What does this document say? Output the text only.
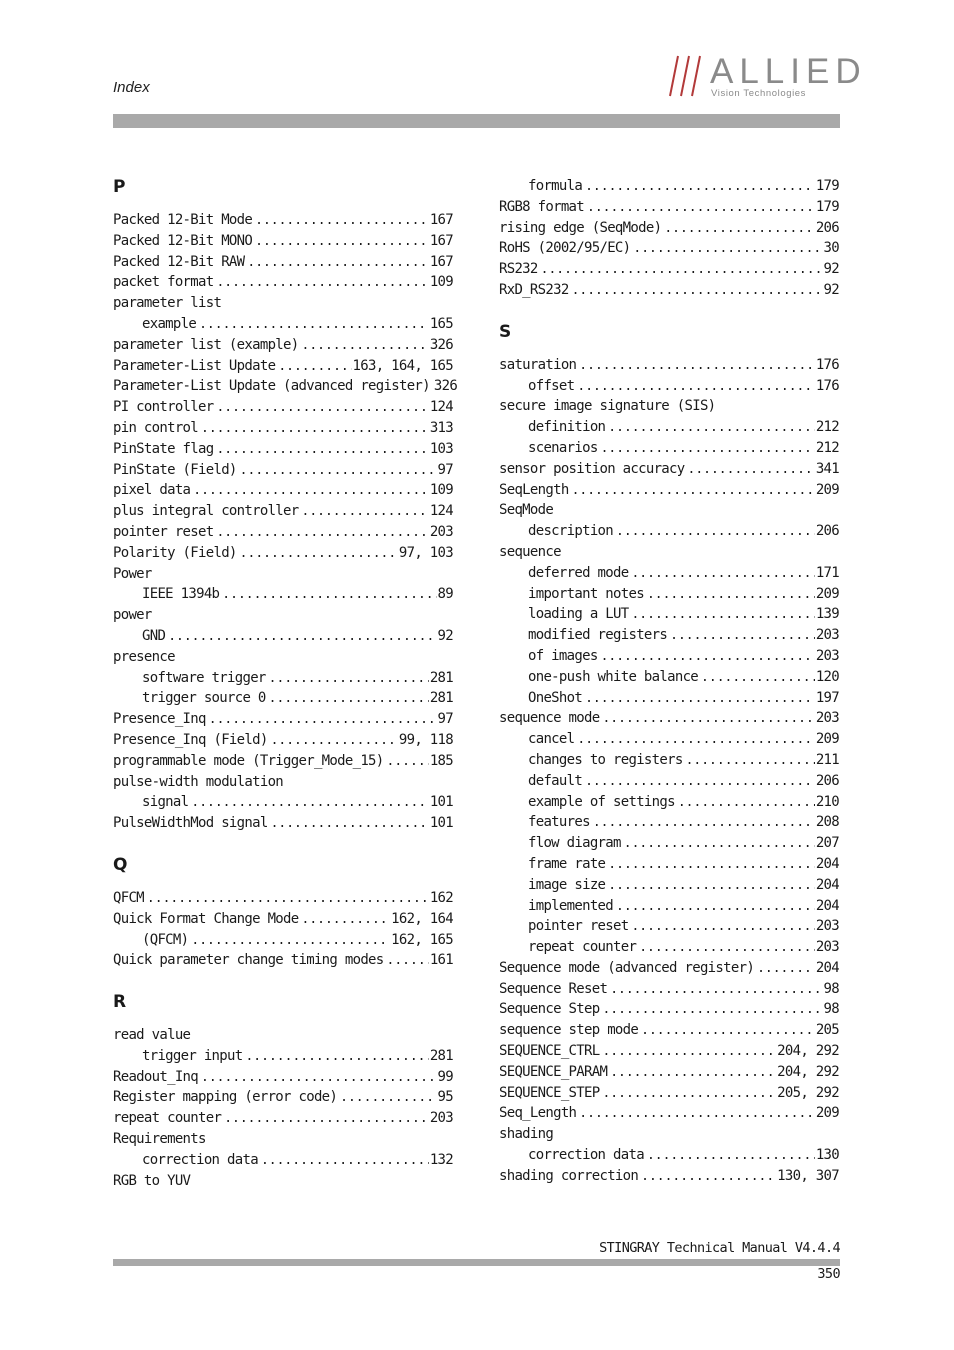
Index	ALLIED
Vision Technologies
P
Packed 12-Bit Mode .....	167
Packed 12-Bit MONO .....	167
Packed 12-Bit RAW .....	167
packet format .....	109
parameter list
example .....	165
parameter list (example) .....	326
Parameter-List Update .....	163, 164, 165
Parameter-List Update (advanced register) 326
PI controller .....	124
pin control .....	313
PinState flag .....	103
PinState (Field) .....	97
pixel data .....	109
plus integral controller .....	124
pointer reset .....	203
Polarity (Field) .....	97, 103
Power
IEEE 1394b .....	89
power
GND .....	92
presence
software trigger .....	281
trigger source 0 .....	281
Presence_Inq .....	97
Presence_Inq (Field) .....	99, 118
programmable mode (Trigger_Mode_15) .....	185
pulse-width modulation
signal .....	101
PulseWidthMod signal .....	101
Q
QFCM .....	162
Quick Format Change Mode .....	162, 164
(QFCM) .....	162, 165
Quick parameter change timing modes .....	161
R
read value
trigger input .....	281
Readout_Inq .....	99
Register mapping (error code) .....	95
repeat counter .....	203
Requirements
correction data .....	132
RGB to YUV
formula .....	179
RGB8 format .....	179
rising edge (SeqMode) .....	206
RoHS (2002/95/EC) .....	30
RS232 .....	92
RxD_RS232 .....	92
S
saturation .....	176
offset .....	176
secure image signature (SIS)
definition .....	212
scenarios .....	212
sensor position accuracy .....	341
SeqLength .....	209
SeqMode
description .....	206
sequence
deferred mode .....	171
important notes .....	209
loading a LUT .....	139
modified registers .....	203
of images .....	203
one-push white balance .....	120
OneShot .....	197
sequence mode .....	203
cancel .....	209
changes to registers .....	211
default .....	206
example of settings .....	210
features .....	208
flow diagram .....	207
frame rate .....	204
image size .....	204
implemented .....	204
pointer reset .....	203
repeat counter .....	203
Sequence mode (advanced register) .....	204
Sequence Reset .....	98
Sequence Step .....	98
sequence step mode .....	205
SEQUENCE_CTRL .....	204, 292
SEQUENCE_PARAM .....	204, 292
SEQUENCE_STEP .....	205, 292
Seq_Length .....	209
shading
correction data .....	130
shading correction .....	130, 307
STINGRAY Technical Manual V4.4.4
350
